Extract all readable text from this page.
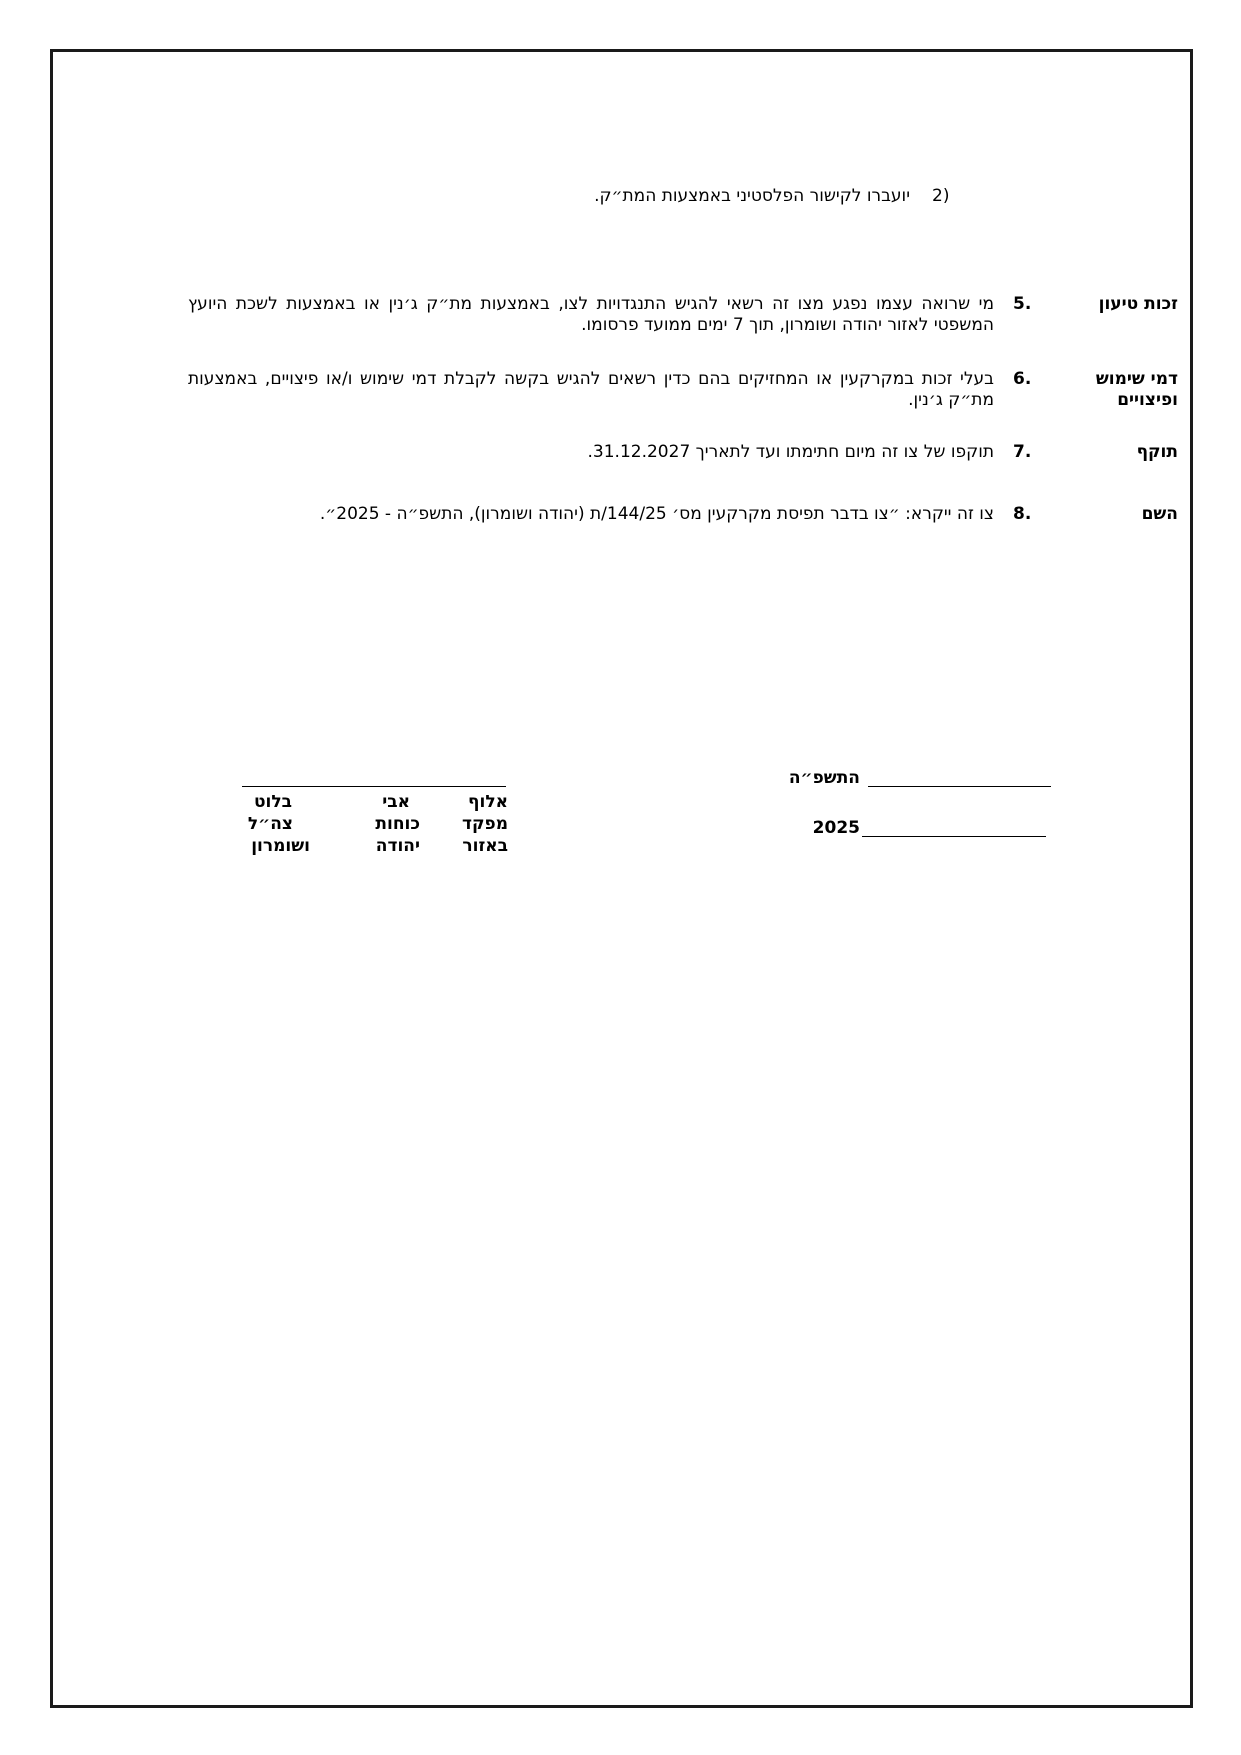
2)
יועברו לקישור הפלסטיני באמצעות המת״ק.
זכות טיעון
5.
מי שרואה עצמו נפגע מצו זה רשאי להגיש התנגדויות לצו, באמצעות מת״ק ג׳נין או באמצעות לשכת היועץ המשפטי לאזור יהודה ושומרון, תוך 7 ימים ממועד פרסומו.
דמי שימוש ופיצויים
6.
בעלי זכות במקרקעין או המחזיקים בהם כדין רשאים להגיש בקשה לקבלת דמי שימוש ו/או פיצויים, באמצעות מת״ק ג׳נין.
תוקף
7.
תוקפו של צו זה מיום חתימתו ועד לתאריך 31.12.2027.
השם
8.
צו זה ייקרא: ״צו בדבר תפיסת מקרקעין מס׳ 144/25/ת (יהודה ושומרון), התשפ״ה - 2025״.
התשפ״ה
2025
אלוף
מפקד
באזור
אבי
כוחות
יהודה
בלוט
צה״ל
ושומרון
